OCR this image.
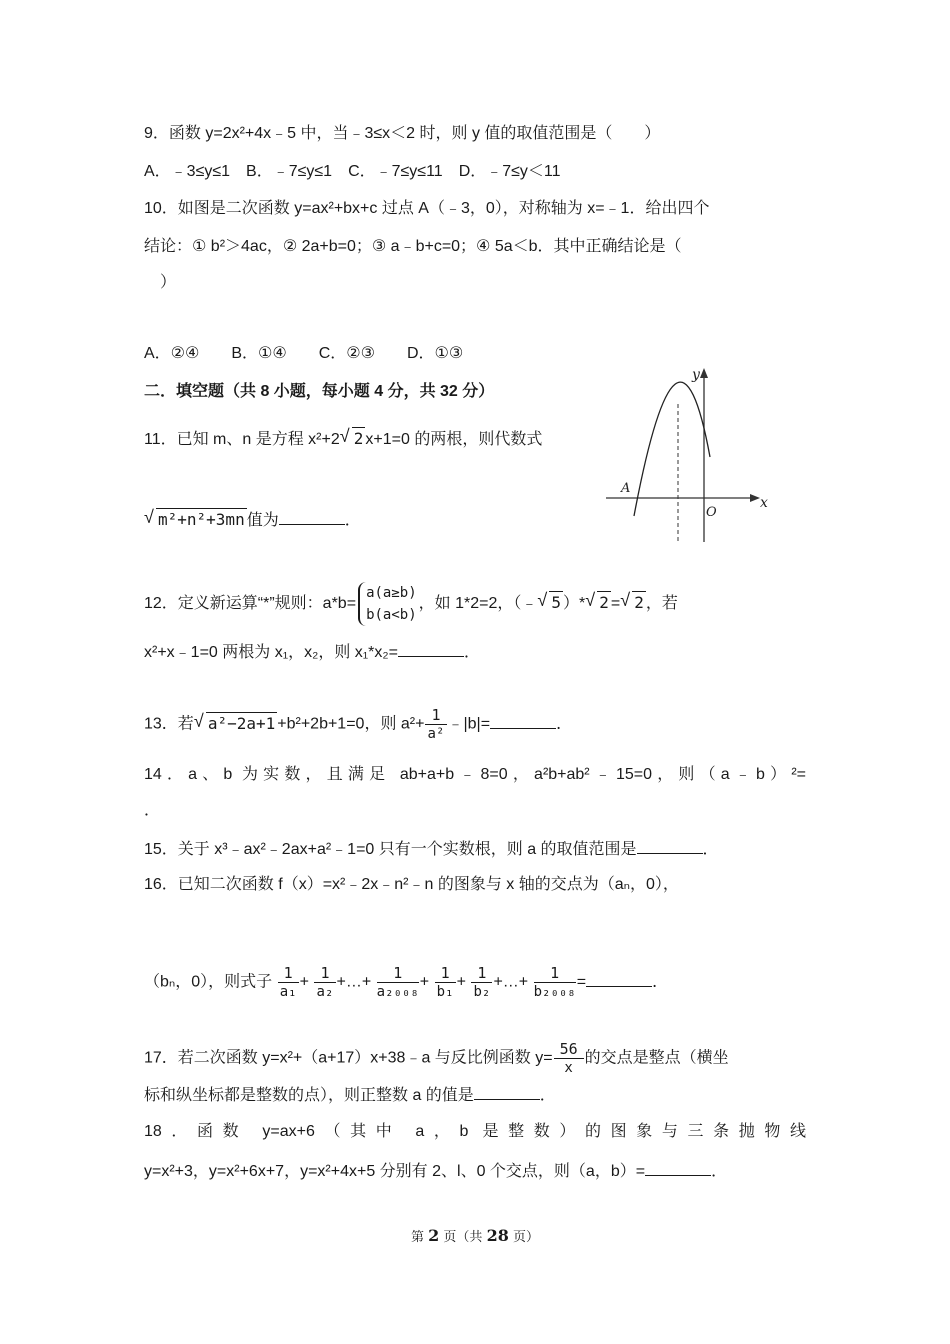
9．函数 y=2x²+4x﹣5 中，当﹣3≤x＜2 时，则 y 值的取值范围是（　　）
A．﹣3≤y≤1　B．﹣7≤y≤1　C．﹣7≤y≤11　D．﹣7≤y＜11
10．如图是二次函数 y=ax²+bx+c 过点 A（﹣3，0），对称轴为 x=﹣1．给出四个
结论：① b²＞4ac，② 2a+b=0；③ a﹣b+c=0；④ 5a＜b．其中正确结论是（
　）
A．②④　　B．①④　　C．②③　　D．①③
二．填空题（共 8 小题，每小题 4 分，共 32 分）
y
x
O
A
11．已知 m、n 是方程 x²+2 √ 2 x+1=0 的两根，则代数式
√ m²+n²+3mn 值为	．
12．定义新运算“*”规则：a*b=
a(a≥b)
b(a<b)
，如 1*2=2，（﹣ √ 5 ）* √ 2 = √ 2 ，若
x²+x﹣1=0 两根为 x₁，x₂，则 x₁*x₂=	．
13．若 √ a²−2a+1 +b²+2b+1=0，则 $a^2+ \frac{1}{\text{a²}}$ ﹣|b|=	．
14．a、b 为实数，且满足 ab+a+b﹣8=0，a²b+ab²﹣15=0，则（a﹣b）²=
．
15．关于 x³﹣ax²﹣2ax+a²﹣1=0 只有一个实数根，则 a 的取值范围是	．
16．已知二次函数 f（x）=x²﹣2x﹣n²﹣n 的图象与 x 轴的交点为（aₙ，0），
（bₙ，0），则式子 $\frac{1}{\text{a₁}} + \frac{1}{\text{a₂}}$ +…+ $\frac{1}{\text{a₂₀₀₈}} + \frac{1}{\text{b₁}} + \frac{1}{\text{b₂}}$ +…+ $\frac{1}{\text{b₂₀₀₈}}$ =	．
17．若二次函数 y=x²+（a+17）x+38﹣a 与反比例函数 $y= \frac{56}{x}$ 的交点是整点（横坐
标和纵坐标都是整数的点），则正整数 a 的值是	．
18．函数 y=ax+6（其中 a，b 是整数）的图象与三条抛物线
y=x²+3，y=x²+6x+7，y=x²+4x+5 分别有 2、l、0 个交点，则（a，b）=	．
第 2 页（共 28 页）
